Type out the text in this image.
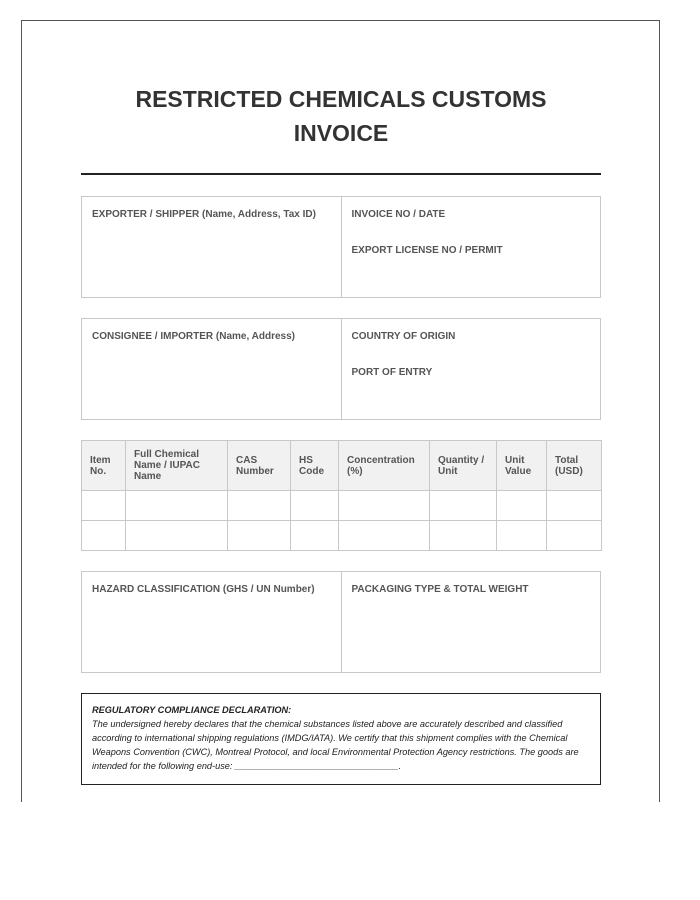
RESTRICTED CHEMICALS CUSTOMS
INVOICE
EXPORTER / SHIPPER (Name, Address, Tax ID)	INVOICE NO / DATE
EXPORT LICENSE NO / PERMIT
CONSIGNEE / IMPORTER (Name, Address)	COUNTRY OF ORIGIN
PORT OF ENTRY
Item No.	Full Chemical Name / IUPAC Name	CAS Number	HS Code	Concentration (%)	Quantity / Unit	Unit Value	Total (USD)

HAZARD CLASSIFICATION (GHS / UN Number)	PACKAGING TYPE & TOTAL WEIGHT
REGULATORY COMPLIANCE DECLARATION:
The undersigned hereby declares that the chemical substances listed above are accurately described and classified according to international shipping regulations (IMDG/IATA). We certify that this shipment complies with the Chemical Weapons Convention (CWC), Montreal Protocol, and local Environmental Protection Agency restrictions. The goods are intended for the following end-use: ________________________________.
